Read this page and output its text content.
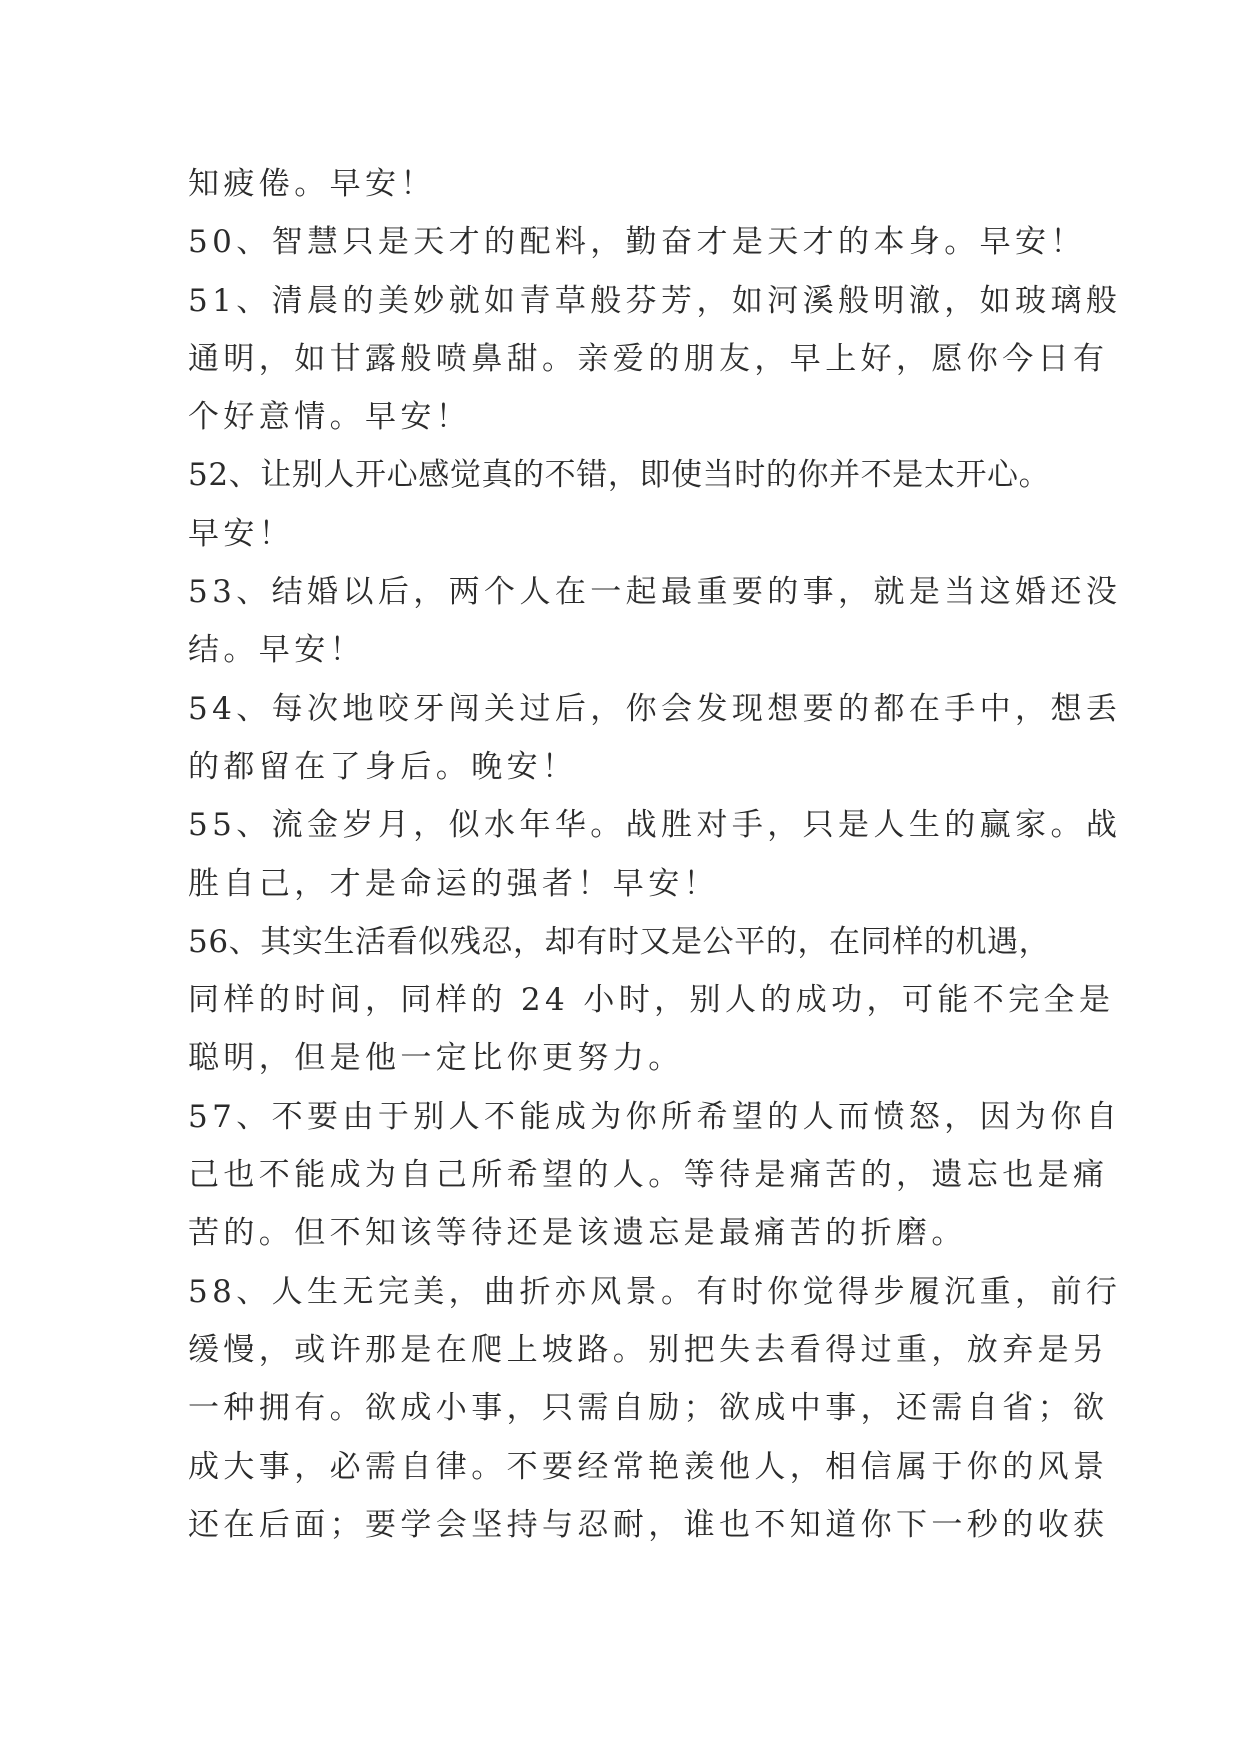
知疲倦。早安！
50、智慧只是天才的配料，勤奋才是天才的本身。早安！
51、清晨的美妙就如青草般芬芳，如河溪般明澈，如玻璃般
通明，如甘露般喷鼻甜。亲爱的朋友，早上好，愿你今日有
个好意情。早安！
52、让别人开心感觉真的不错，即使当时的你并不是太开心。
早安！
53、结婚以后，两个人在一起最重要的事，就是当这婚还没
结。早安！
54、每次地咬牙闯关过后，你会发现想要的都在手中，想丢
的都留在了身后。晚安！
55、流金岁月，似水年华。战胜对手，只是人生的赢家。战
胜自己，才是命运的强者！早安！
56、其实生活看似残忍，却有时又是公平的，在同样的机遇，
同样的时间，同样的 24 小时，别人的成功，可能不完全是
聪明，但是他一定比你更努力。
57、不要由于别人不能成为你所希望的人而愤怒，因为你自
己也不能成为自己所希望的人。等待是痛苦的，遗忘也是痛
苦的。但不知该等待还是该遗忘是最痛苦的折磨。
58、人生无完美，曲折亦风景。有时你觉得步履沉重，前行
缓慢，或许那是在爬上坡路。别把失去看得过重，放弃是另
一种拥有。欲成小事，只需自励；欲成中事，还需自省；欲
成大事，必需自律。不要经常艳羡他人，相信属于你的风景
还在后面；要学会坚持与忍耐，谁也不知道你下一秒的收获
